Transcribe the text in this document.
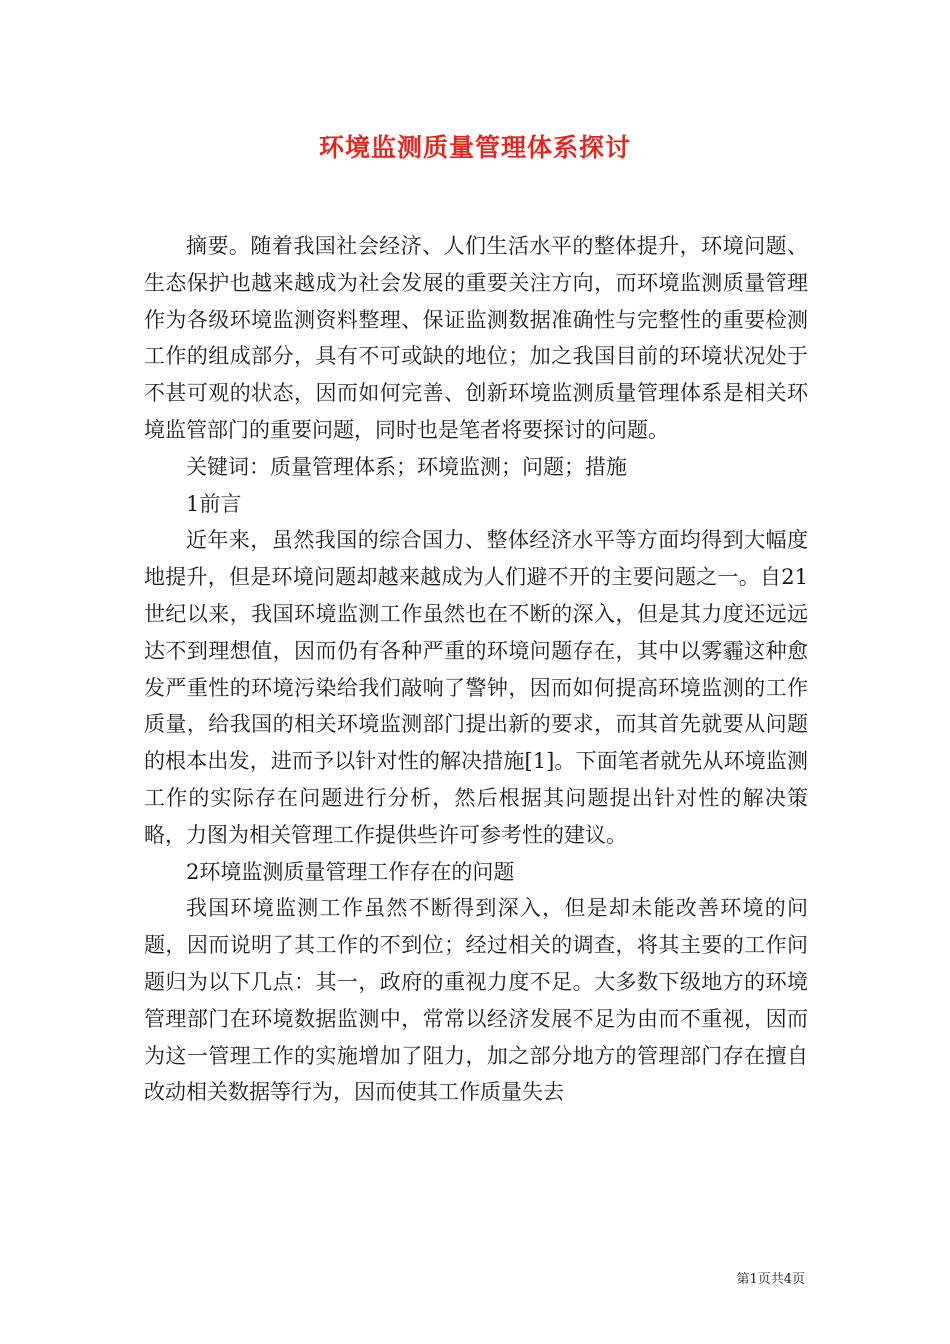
环境监测质量管理体系探讨

摘要。随着我国社会经济、人们生活水平的整体提升，环境问题、生态保护也越来越成为社会发展的重要关注方向，而环境监测质量管理作为各级环境监测资料整理、保证监测数据准确性与完整性的重要检测工作的组成部分，具有不可或缺的地位；加之我国目前的环境状况处于不甚可观的状态，因而如何完善、创新环境监测质量管理体系是相关环境监管部门的重要问题，同时也是笔者将要探讨的问题。

关键词：质量管理体系；环境监测；问题；措施

1前言

近年来，虽然我国的综合国力、整体经济水平等方面均得到大幅度地提升，但是环境问题却越来越成为人们避不开的主要问题之一。自21世纪以来，我国环境监测工作虽然也在不断的深入，但是其力度还远远达不到理想值，因而仍有各种严重的环境问题存在，其中以雾霾这种愈发严重性的环境污染给我们敲响了警钟，因而如何提高环境监测的工作质量，给我国的相关环境监测部门提出新的要求，而其首先就要从问题的根本出发，进而予以针对性的解决措施[1]。下面笔者就先从环境监测工作的实际存在问题进行分析，然后根据其问题提出针对性的解决策略，力图为相关管理工作提供些许可参考性的建议。

2环境监测质量管理工作存在的问题

我国环境监测工作虽然不断得到深入，但是却未能改善环境的问题，因而说明了其工作的不到位；经过相关的调查，将其主要的工作问题归为以下几点：其一，政府的重视力度不足。大多数下级地方的环境管理部门在环境数据监测中，常常以经济发展不足为由而不重视，因而为这一管理工作的实施增加了阻力，加之部分地方的管理部门存在擅自改动相关数据等行为，因而使其工作质量失去

第1页共4页
